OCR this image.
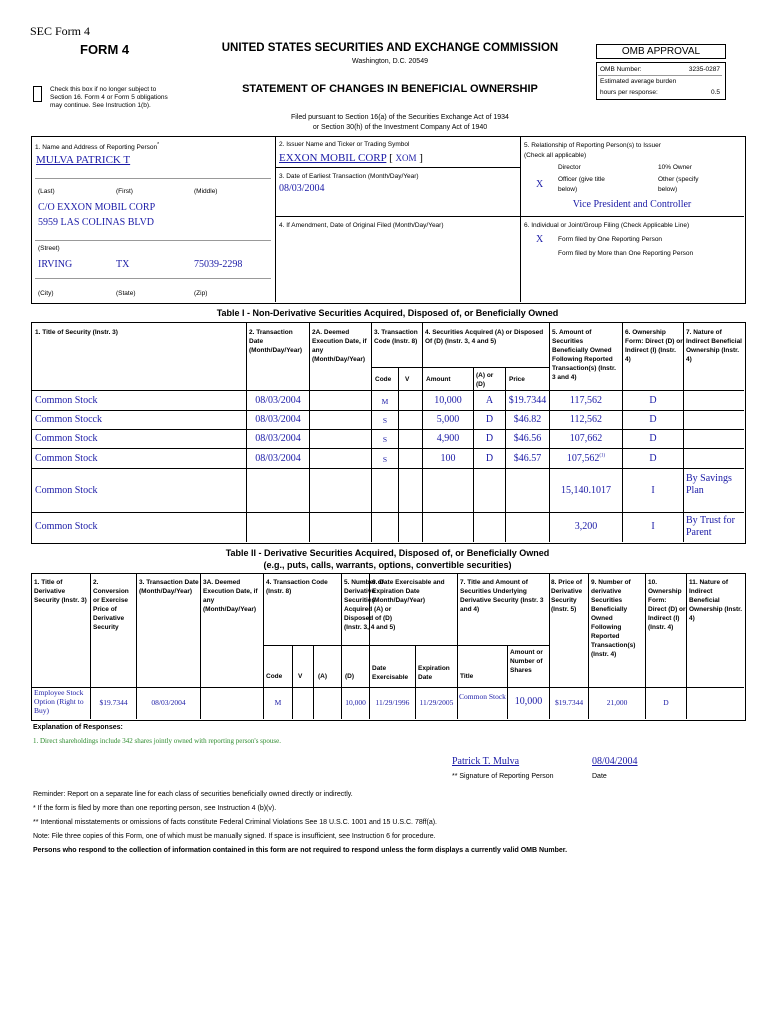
SEC Form 4
FORM 4
Check this box if no longer subject to
Section 16. Form 4 or Form 5 obligations
may continue. See Instruction 1(b).
UNITED STATES SECURITIES AND EXCHANGE COMMISSION
Washington, D.C. 20549
STATEMENT OF CHANGES IN BENEFICIAL OWNERSHIP
Filed pursuant to Section 16(a) of the Securities Exchange Act of 1934
or Section 30(h) of the Investment Company Act of 1940
OMB APPROVAL
OMB Number:	3235-0287
Estimated average burden
hours per response:	0.5
1. Name and Address of Reporting Person*
MULVA PATRICK T
(Last)	(First)	(Middle)
C/O EXXON MOBIL CORP
5959 LAS COLINAS BLVD
(Street)
IRVING	TX	75039-2298
(City)	(State)	(Zip)
2. Issuer Name and Ticker or Trading Symbol
EXXON MOBIL CORP [ XOM ]
3. Date of Earliest Transaction (Month/Day/Year)
08/03/2004
4. If Amendment, Date of Original Filed (Month/Day/Year)
5. Relationship of Reporting Person(s) to Issuer
(Check all applicable)
Director	10% Owner
X Officer (give title
below)
Other (specify
below)
Vice President and Controller
6. Individual or Joint/Group Filing (Check Applicable Line)
X Form filed by One Reporting Person
Form filed by More than One Reporting Person
Table I - Non-Derivative Securities Acquired, Disposed of, or Beneficially Owned
1. Title of Security (Instr. 3)	2. Transaction Date (Month/Day/Year)
2A. Deemed Execution Date, if any (Month/Day/Year)
3. Transaction Code (Instr. 8)
4. Securities Acquired (A) or Disposed Of (D) (Instr. 3, 4 and 5)
5. Amount of Securities Beneficially Owned Following Reported Transaction(s) (Instr. 3 and 4)
6. Ownership Form: Direct (D) or Indirect (I) (Instr. 4)
7. Nature of Indirect Beneficial Ownership (Instr. 4)
Code V	Amount
(A) or (D)
Price
Common Stock	08/03/2004	M	10,000	A	$19.7344	117,562	D
Common Stocck	08/03/2004	S	5,000	D	$46.82	112,562	D
Common Stock	08/03/2004	S	4,900	D	$46.56	107,662	D
Common Stock	08/03/2004	S	100	D	$46.57	107,562$^{(1)}$	D
Common Stock	15,140.1017	I
By Savings Plan
Common Stock	3,200	I
By Trust for Parent
Table II - Derivative Securities Acquired, Disposed of, or Beneficially Owned
(e.g., puts, calls, warrants, options, convertible securities)
1. Title of Derivative Security (Instr. 3)
2. Conversion or Exercise Price of Derivative Security
3. Transaction Date (Month/Day/Year)
3A. Deemed Execution Date, if any (Month/Day/Year)
4. Transaction Code (Instr. 8)
5. Number of Derivative Securities Acquired (A) or Disposed of (D) (Instr. 3, 4 and 5)
6. Date Exercisable and Expiration Date (Month/Day/Year)
7. Title and Amount of Securities Underlying Derivative Security (Instr. 3 and 4)
8. Price of Derivative Security (Instr. 5)
9. Number of derivative Securities Beneficially Owned Following Reported Transaction(s) (Instr. 4)
10. Ownership Form: Direct (D) or Indirect (I) (Instr. 4)
11. Nature of Indirect Beneficial Ownership (Instr. 4)
Code V (A)	(D)
Date Exercisable
Expiration Date	Title
Amount or Number of Shares
Employee Stock Option (Right to Buy)
$19.7344	08/03/2004	M	10,000	11/29/1996	11/29/2005
Common Stock 10,000	$19.7344	21,000	D
Explanation of Responses:
1. Direct shareholdings include 342 shares jointly owned with reporting person's spouse.
Patrick T. Mulva	08/04/2004
** Signature of Reporting Person	Date
Reminder: Report on a separate line for each class of securities beneficially owned directly or indirectly.
* If the form is filed by more than one reporting person, see Instruction 4 (b)(v).
** Intentional misstatements or omissions of facts constitute Federal Criminal Violations See 18 U.S.C. 1001 and 15 U.S.C. 78ff(a).
Note: File three copies of this Form, one of which must be manually signed. If space is insufficient, see Instruction 6 for procedure.
Persons who respond to the collection of information contained in this form are not required to respond unless the form displays a currently valid OMB Number.
